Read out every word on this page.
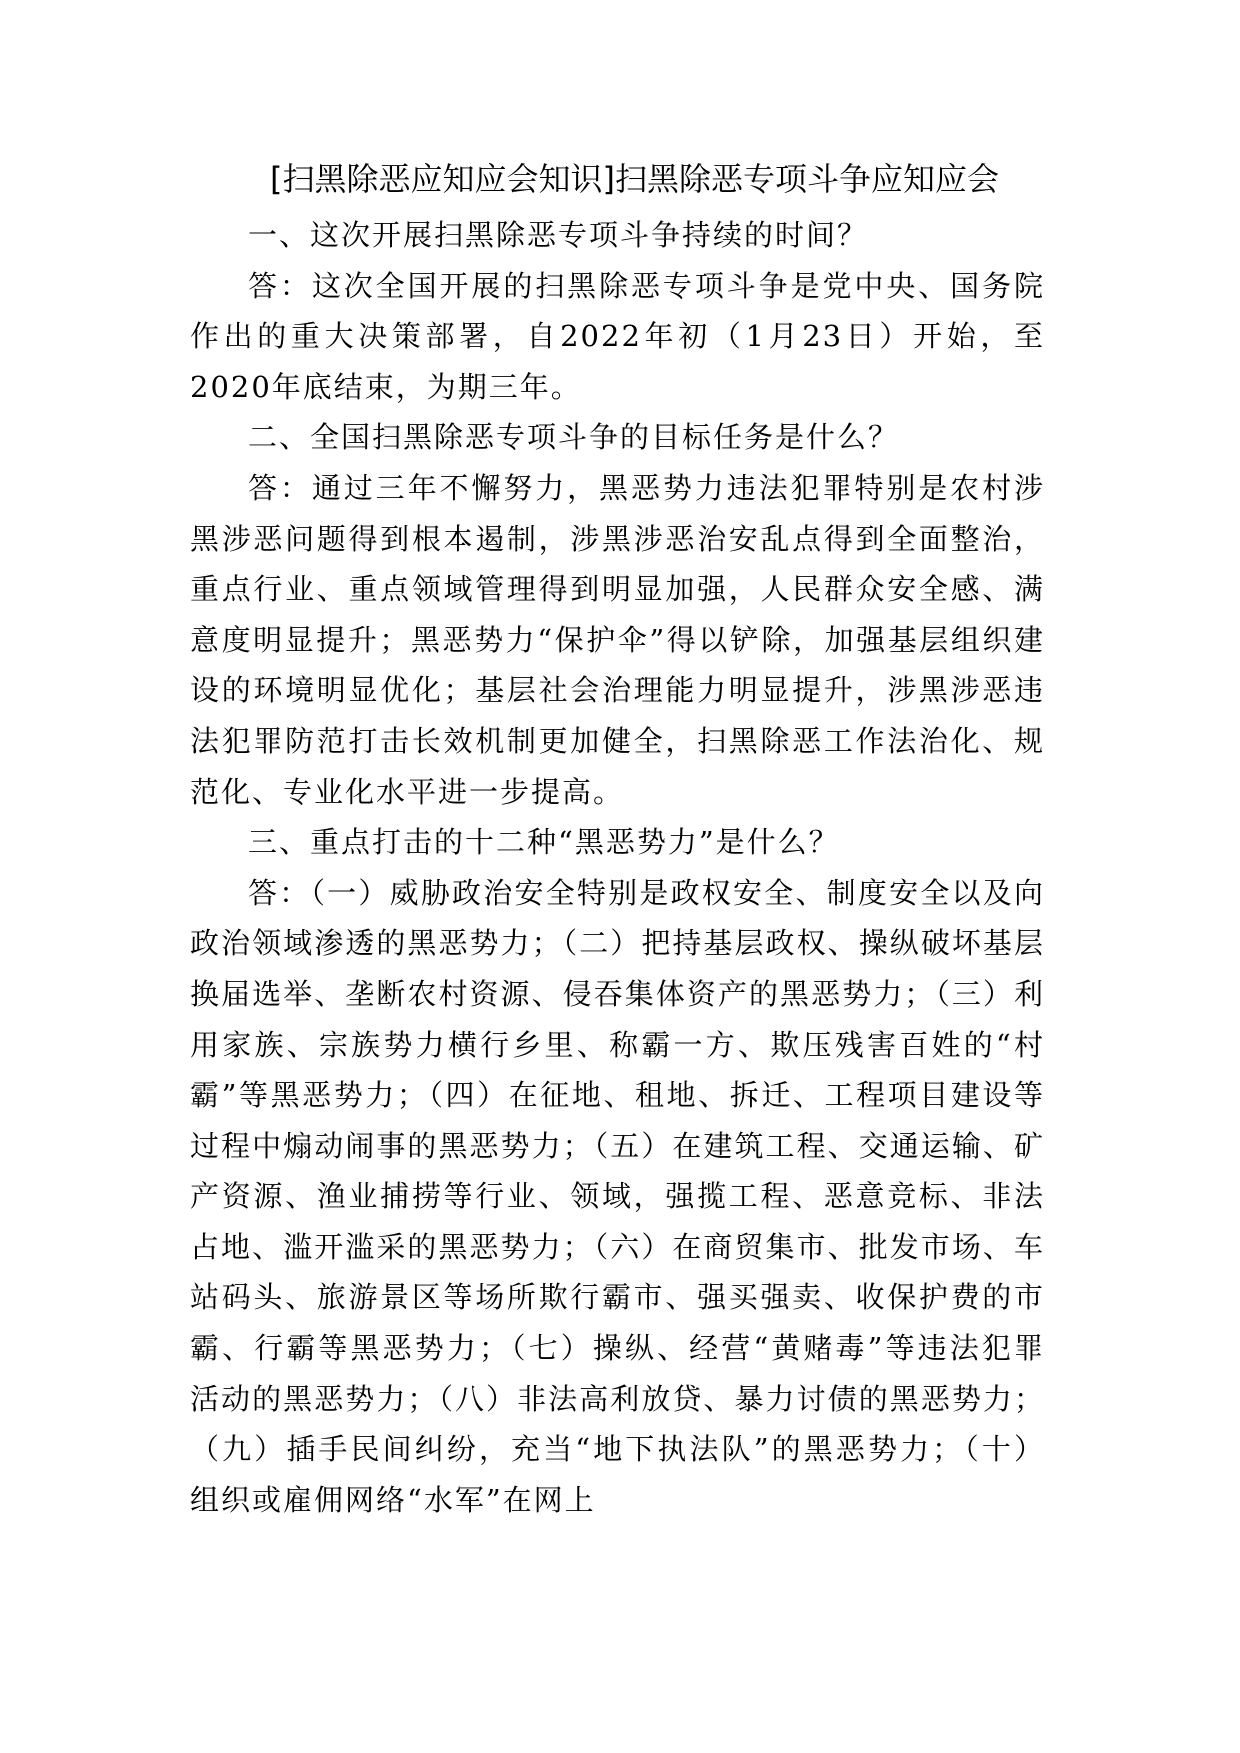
[扫黑除恶应知应会知识]扫黑除恶专项斗争应知应会

一、这次开展扫黑除恶专项斗争持续的时间？

答：这次全国开展的扫黑除恶专项斗争是党中央、国务院作出的重大决策部署，自2022年初（1月23日）开始，至2020年底结束，为期三年。

二、全国扫黑除恶专项斗争的目标任务是什么？

答：通过三年不懈努力，黑恶势力违法犯罪特别是农村涉黑涉恶问题得到根本遏制，涉黑涉恶治安乱点得到全面整治，重点行业、重点领域管理得到明显加强，人民群众安全感、满意度明显提升；黑恶势力“保护伞”得以铲除，加强基层组织建设的环境明显优化；基层社会治理能力明显提升，涉黑涉恶违法犯罪防范打击长效机制更加健全，扫黑除恶工作法治化、规范化、专业化水平进一步提高。

三、重点打击的十二种“黑恶势力”是什么？

答：（一）威胁政治安全特别是政权安全、制度安全以及向政治领域渗透的黑恶势力；（二）把持基层政权、操纵破坏基层换届选举、垄断农村资源、侵吞集体资产的黑恶势力；（三）利用家族、宗族势力横行乡里、称霸一方、欺压残害百姓的“村霸”等黑恶势力；（四）在征地、租地、拆迁、工程项目建设等过程中煽动闹事的黑恶势力；（五）在建筑工程、交通运输、矿产资源、渔业捕捞等行业、领域，强揽工程、恶意竞标、非法占地、滥开滥采的黑恶势力；（六）在商贸集市、批发市场、车站码头、旅游景区等场所欺行霸市、强买强卖、收保护费的市霸、行霸等黑恶势力；（七）操纵、经营“黄赌毒”等违法犯罪活动的黑恶势力；（八）非法高利放贷、暴力讨债的黑恶势力；（九）插手民间纠纷，充当“地下执法队”的黑恶势力；（十）组织或雇佣网络“水军”在网上
